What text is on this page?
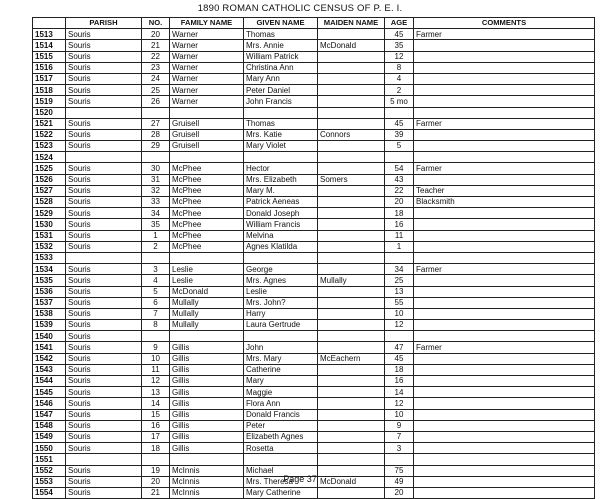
1890 ROMAN CATHOLIC CENSUS OF P. E. I.
	PARISH	NO.	FAMILY NAME	GIVEN NAME	MAIDEN NAME	AGE	COMMENTS
1513	Souris	20	Warner	Thomas		45	Farmer
1514	Souris	21	Warner	Mrs. Annie	McDonald	35	
1515	Souris	22	Warner	William Patrick		12	
1516	Souris	23	Warner	Christina Ann		8	
1517	Souris	24	Warner	Mary Ann		4	
1518	Souris	25	Warner	Peter Daniel		2	
1519	Souris	26	Warner	John Francis		5 mo	
1520							
1521	Souris	27	Gruisell	Thomas		45	Farmer
1522	Souris	28	Gruisell	Mrs. Katie	Connors	39	
1523	Souris	29	Gruisell	Mary Violet		5	
1524							
1525	Souris	30	McPhee	Hector		54	Farmer
1526	Souris	31	McPhee	Mrs. Elizabeth	Somers	43	
1527	Souris	32	McPhee	Mary M.		22	Teacher
1528	Souris	33	McPhee	Patrick Aeneas		20	Blacksmith
1529	Souris	34	McPhee	Donald Joseph		18	
1530	Souris	35	McPhee	William Francis		16	
1531	Souris	1	McPhee	Melvina		11	
1532	Souris	2	McPhee	Agnes Klatilda		1	
1533							
1534	Souris	3	Leslie	George		34	Farmer
1535	Souris	4	Leslie	Mrs. Agnes	Mullally	25	
1536	Souris	5	McDonald	Leslie		13	
1537	Souris	6	Mullally	Mrs. John?		55	
1538	Souris	7	Mullally	Harry		10	
1539	Souris	8	Mullally	Laura Gertrude		12	
1540	Souris						
1541	Souris	9	Gillis	John		47	Farmer
1542	Souris	10	Gillis	Mrs. Mary	McEachern	45	
1543	Souris	11	Gillis	Catherine		18	
1544	Souris	12	Gillis	Mary		16	
1545	Souris	13	Gillis	Maggie		14	
1546	Souris	14	Gillis	Flora Ann		12	
1547	Souris	15	Gillis	Donald Francis		10	
1548	Souris	16	Gillis	Peter		9	
1549	Souris	17	Gillis	Elizabeth Agnes		7	
1550	Souris	18	Gillis	Rosetta		3	
1551							
1552	Souris	19	McInnis	Michael		75	
1553	Souris	20	McInnis	Mrs. Theresa	McDonald	49	
1554	Souris	21	McInnis	Mary Catherine		20	
Page 37
